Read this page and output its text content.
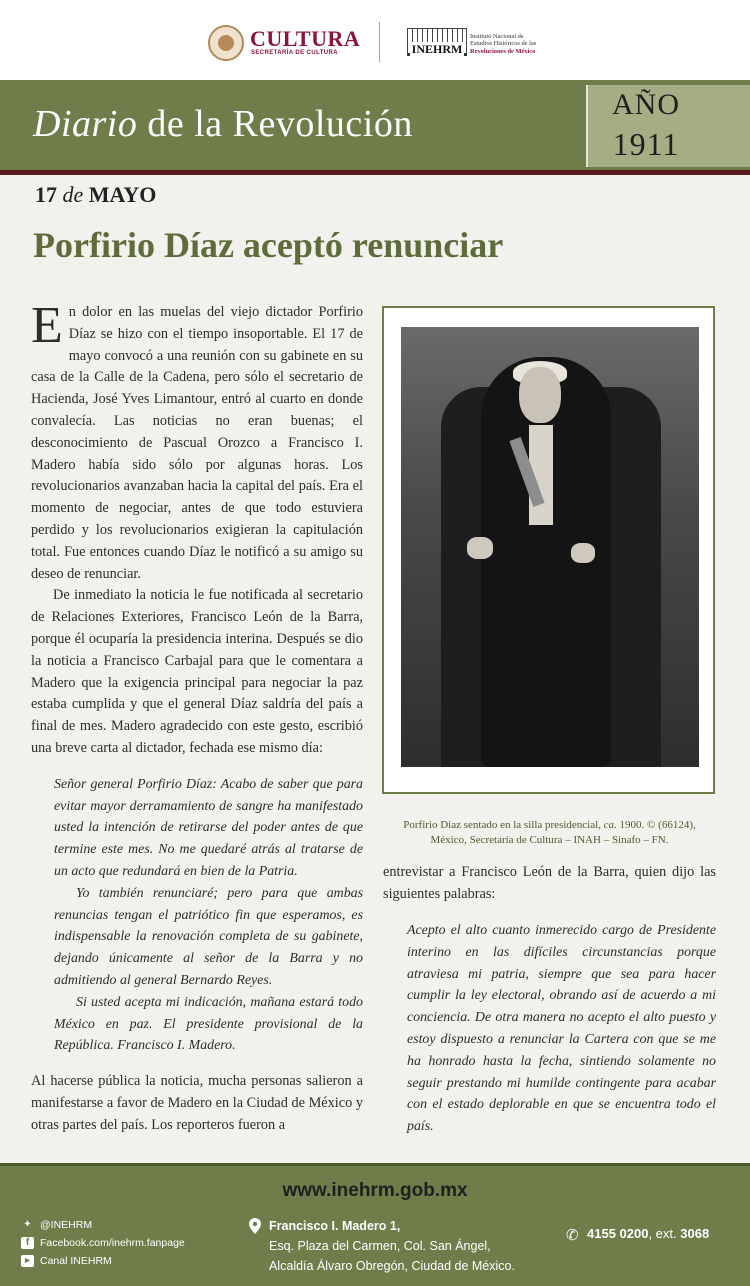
CULTURA
SECRETARÍA DE CULTURA	INEHRM
Instituto Nacional de
Estudios Históricos de las
Revoluciones de México
Diario de la Revolución	AÑO
1911
17 de MAYO
Porfirio Díaz aceptó renunciar

En dolor en las muelas del viejo dictador Porfirio Díaz se hizo con el tiempo insoportable. El 17 de mayo convocó a una reunión con su gabinete en su casa de la Calle de la Cadena, pero sólo el secretario de Hacienda, José Yves Limantour, entró al cuarto en donde convalecía. Las noticias no eran buenas; el desconocimiento de Pascual Orozco a Francisco I. Madero había sido sólo por algunas horas. Los revolucionarios avanzaban hacia la capital del país. Era el momento de negociar, antes de que todo estuviera perdido y los revolucionarios exigieran la capitulación total. Fue entonces cuando Díaz le notificó a su amigo su deseo de renunciar.

De inmediato la noticia le fue notificada al secretario de Relaciones Exteriores, Francisco León de la Barra, porque él ocuparía la presidencia interina. Después se dio la noticia a Francisco Carbajal para que le comentara a Madero que la exigencia principal para negociar la paz estaba cumplida y que el general Díaz saldría del país a final de mes. Madero agradecido con este gesto, escribió una breve carta al dictador, fechada ese mismo día:

Señor general Porfirio Díaz: Acabo de saber que para evitar mayor derramamiento de sangre ha manifestado usted la intención de retirarse del poder antes de que termine este mes. No me quedaré atrás al tratarse de un acto que redundará en bien de la Patria.

Yo también renunciaré; pero para que ambas renuncias tengan el patriótico fin que esperamos, es indispensable la renovación completa de su gabinete, dejando únicamente al señor de la Barra y no admitiendo al general Bernardo Reyes.

Si usted acepta mi indicación, mañana estará todo México en paz. El presidente provisional de la República. Francisco I. Madero.

Al hacerse pública la noticia, mucha personas salieron a manifestarse a favor de Madero en la Ciudad de México y otras partes del país. Los reporteros fueron a

Porfirio Díaz sentado en la silla presidencial, ca. 1900. © (66124),
México, Secretaría de Cultura – INAH – Sinafo – FN.

entrevistar a Francisco León de la Barra, quien dijo las siguientes palabras:

Acepto el alto cuanto inmerecido cargo de Presidente interino en las difíciles circunstancias porque atraviesa mi patria, siempre que sea para hacer cumplir la ley electoral, obrando así de acuerdo a mi conciencia. De otra manera no acepto el alto puesto y estoy dispuesto a renunciar la Cartera con que se me ha honrado hasta la fecha, sintiendo solamente no seguir prestando mi humilde contingente para acabar con el estado deplorable en que se encuentra todo el país.
www.inehrm.gob.mx
✦ @INEHRM
f	Facebook.com/inehrm.fanpage
▶ Canal INEHRM
Francisco I. Madero 1,
Esq. Plaza del Carmen, Col. San Ángel,
Alcaldía Álvaro Obregón, Ciudad de México.
✆ 4155 0200, ext. 3068
